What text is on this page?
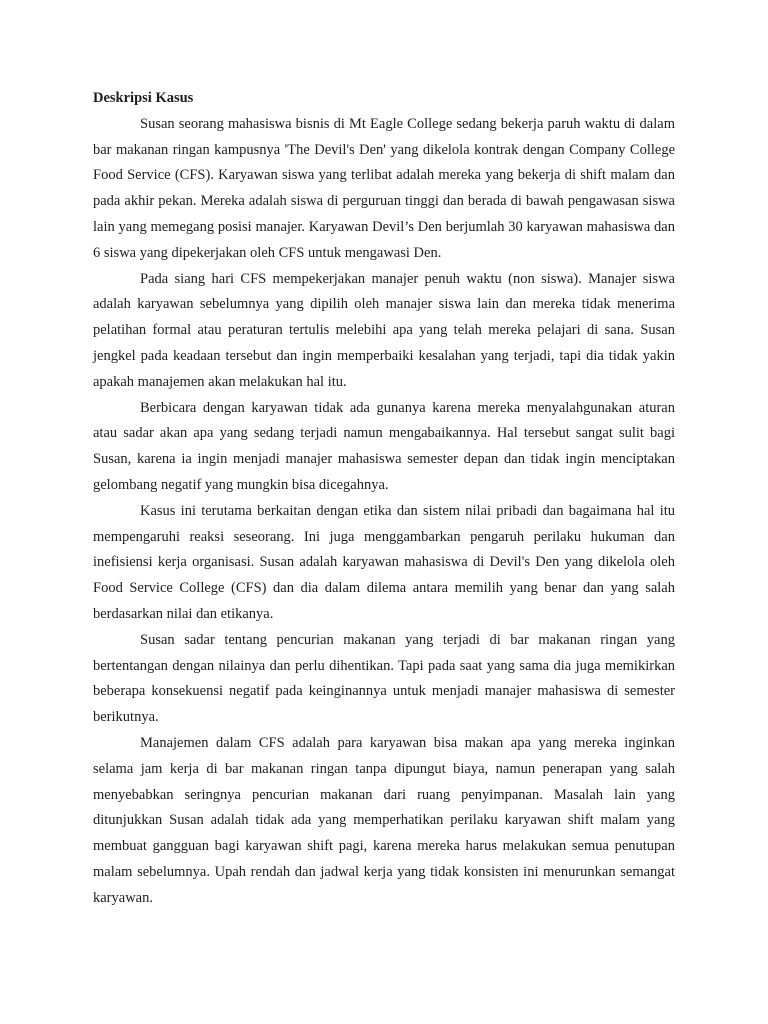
Deskripsi Kasus

Susan seorang mahasiswa bisnis di Mt Eagle College sedang bekerja paruh waktu di dalam bar makanan ringan kampusnya 'The Devil's Den' yang dikelola kontrak dengan Company College Food Service (CFS). Karyawan siswa yang terlibat adalah mereka yang bekerja di shift malam dan pada akhir pekan. Mereka adalah siswa di perguruan tinggi dan berada di bawah pengawasan siswa lain yang memegang posisi manajer. Karyawan Devil’s Den berjumlah 30 karyawan mahasiswa dan 6 siswa yang dipekerjakan oleh CFS untuk mengawasi Den.

Pada siang hari CFS mempekerjakan manajer penuh waktu (non siswa). Manajer siswa adalah karyawan sebelumnya yang dipilih oleh manajer siswa lain dan mereka tidak menerima pelatihan formal atau peraturan tertulis melebihi apa yang telah mereka pelajari di sana. Susan jengkel pada keadaan tersebut dan ingin memperbaiki kesalahan yang terjadi, tapi dia tidak yakin apakah manajemen akan melakukan hal itu.

Berbicara dengan karyawan tidak ada gunanya karena mereka menyalahgunakan aturan atau sadar akan apa yang sedang terjadi namun mengabaikannya. Hal tersebut sangat sulit bagi Susan, karena ia ingin menjadi manajer mahasiswa semester depan dan tidak ingin menciptakan gelombang negatif yang mungkin bisa dicegahnya.

Kasus ini terutama berkaitan dengan etika dan sistem nilai pribadi dan bagaimana hal itu mempengaruhi reaksi seseorang. Ini juga menggambarkan pengaruh perilaku hukuman dan inefisiensi kerja organisasi. Susan adalah karyawan mahasiswa di Devil's Den yang dikelola oleh Food Service College (CFS) dan dia dalam dilema antara memilih yang benar dan yang salah berdasarkan nilai dan etikanya.

Susan sadar tentang pencurian makanan yang terjadi di bar makanan ringan yang bertentangan dengan nilainya dan perlu dihentikan. Tapi pada saat yang sama dia juga memikirkan beberapa konsekuensi negatif pada keinginannya untuk menjadi manajer mahasiswa di semester berikutnya.

Manajemen dalam CFS adalah para karyawan bisa makan apa yang mereka inginkan selama jam kerja di bar makanan ringan tanpa dipungut biaya, namun penerapan yang salah menyebabkan seringnya pencurian makanan dari ruang penyimpanan. Masalah lain yang ditunjukkan Susan adalah tidak ada yang memperhatikan perilaku karyawan shift malam yang membuat gangguan bagi karyawan shift pagi, karena mereka harus melakukan semua penutupan malam sebelumnya. Upah rendah dan jadwal kerja yang tidak konsisten ini menurunkan semangat karyawan.
